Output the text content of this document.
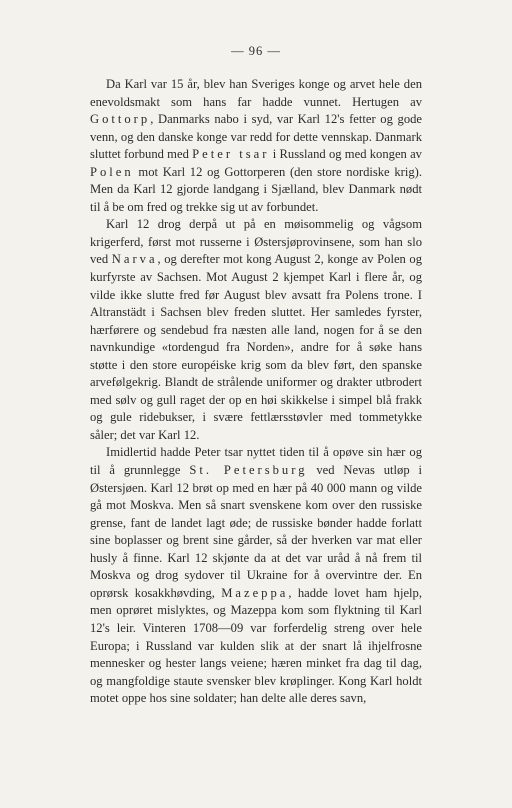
— 96 —

Da Karl var 15 år, blev han Sveriges konge og arvet hele den enevoldsmakt som hans far hadde vunnet. Hertugen av Gottorp, Danmarks nabo i syd, var Karl 12's fetter og gode venn, og den danske konge var redd for dette vennskap. Danmark sluttet forbund med Peter tsar i Russland og med kongen av Polen mot Karl 12 og Gottorperen (den store nordiske krig). Men da Karl 12 gjorde landgang i Sjælland, blev Danmark nødt til å be om fred og trekke sig ut av forbundet.

Karl 12 drog derpå ut på en møisommelig og vågsom krigerferd, først mot russerne i Østersjøprovinsene, som han slo ved Narva, og derefter mot kong August 2, konge av Polen og kurfyrste av Sachsen. Mot August 2 kjempet Karl i flere år, og vilde ikke slutte fred før August blev avsatt fra Polens trone. I Altranstädt i Sachsen blev freden sluttet. Her samledes fyrster, hærførere og sendebud fra næsten alle land, nogen for å se den navnkundige «tordengud fra Norden», andre for å søke hans støtte i den store européiske krig som da blev ført, den spanske arvefølgekrig. Blandt de strålende uniformer og drakter utbrodert med sølv og gull raget der op en høi skikkelse i simpel blå frakk og gule ridebukser, i svære fettlærsstøvler med tommetykke såler; det var Karl 12.

Imidlertid hadde Peter tsar nyttet tiden til å opøve sin hær og til å grunnlegge St. Petersburg ved Nevas utløp i Østersjøen. Karl 12 brøt op med en hær på 40 000 mann og vilde gå mot Moskva. Men så snart svenskene kom over den russiske grense, fant de landet lagt øde; de russiske bønder hadde forlatt sine boplasser og brent sine gårder, så der hverken var mat eller husly å finne. Karl 12 skjønte da at det var uråd å nå frem til Moskva og drog sydover til Ukraine for å overvintre der. En oprørsk kosakkhøvding, Mazeppa, hadde lovet ham hjelp, men oprøret mislyktes, og Mazeppa kom som flyktning til Karl 12's leir. Vinteren 1708—09 var forferdelig streng over hele Europa; i Russland var kulden slik at der snart lå ihjelfrosne mennesker og hester langs veiene; hæren minket fra dag til dag, og mangfoldige staute svensker blev krøplinger. Kong Karl holdt motet oppe hos sine soldater; han delte alle deres savn,
